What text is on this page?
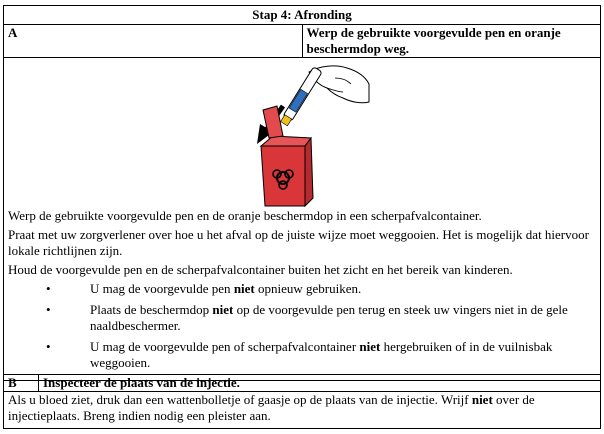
Stap 4: Afronding
A	Werp de gebruikte voorgevulde pen en oranje beschermdop weg.

Werp de gebruikte voorgevulde pen en de oranje beschermdop in een scherpafvalcontainer.

Praat met uw zorgverlener over hoe u het afval op de juiste wijze moet weggooien. Het is mogelijk dat hiervoor lokale richtlijnen zijn.

Houd de voorgevulde pen en de scherpafvalcontainer buiten het zicht en het bereik van kinderen.

•	U mag de voorgevulde pen niet opnieuw gebruiken.
•	Plaats de beschermdop niet op de voorgevulde pen terug en steek uw vingers niet in de gele naaldbeschermer.
•	U mag de voorgevulde pen of scherpafvalcontainer niet hergebruiken of in de vuilnisbak weggooien.
B	Inspecteer de plaats van de injectie.
Als u bloed ziet, druk dan een wattenbolletje of gaasje op de plaats van de injectie. Wrijf niet over de injectieplaats. Breng indien nodig een pleister aan.
